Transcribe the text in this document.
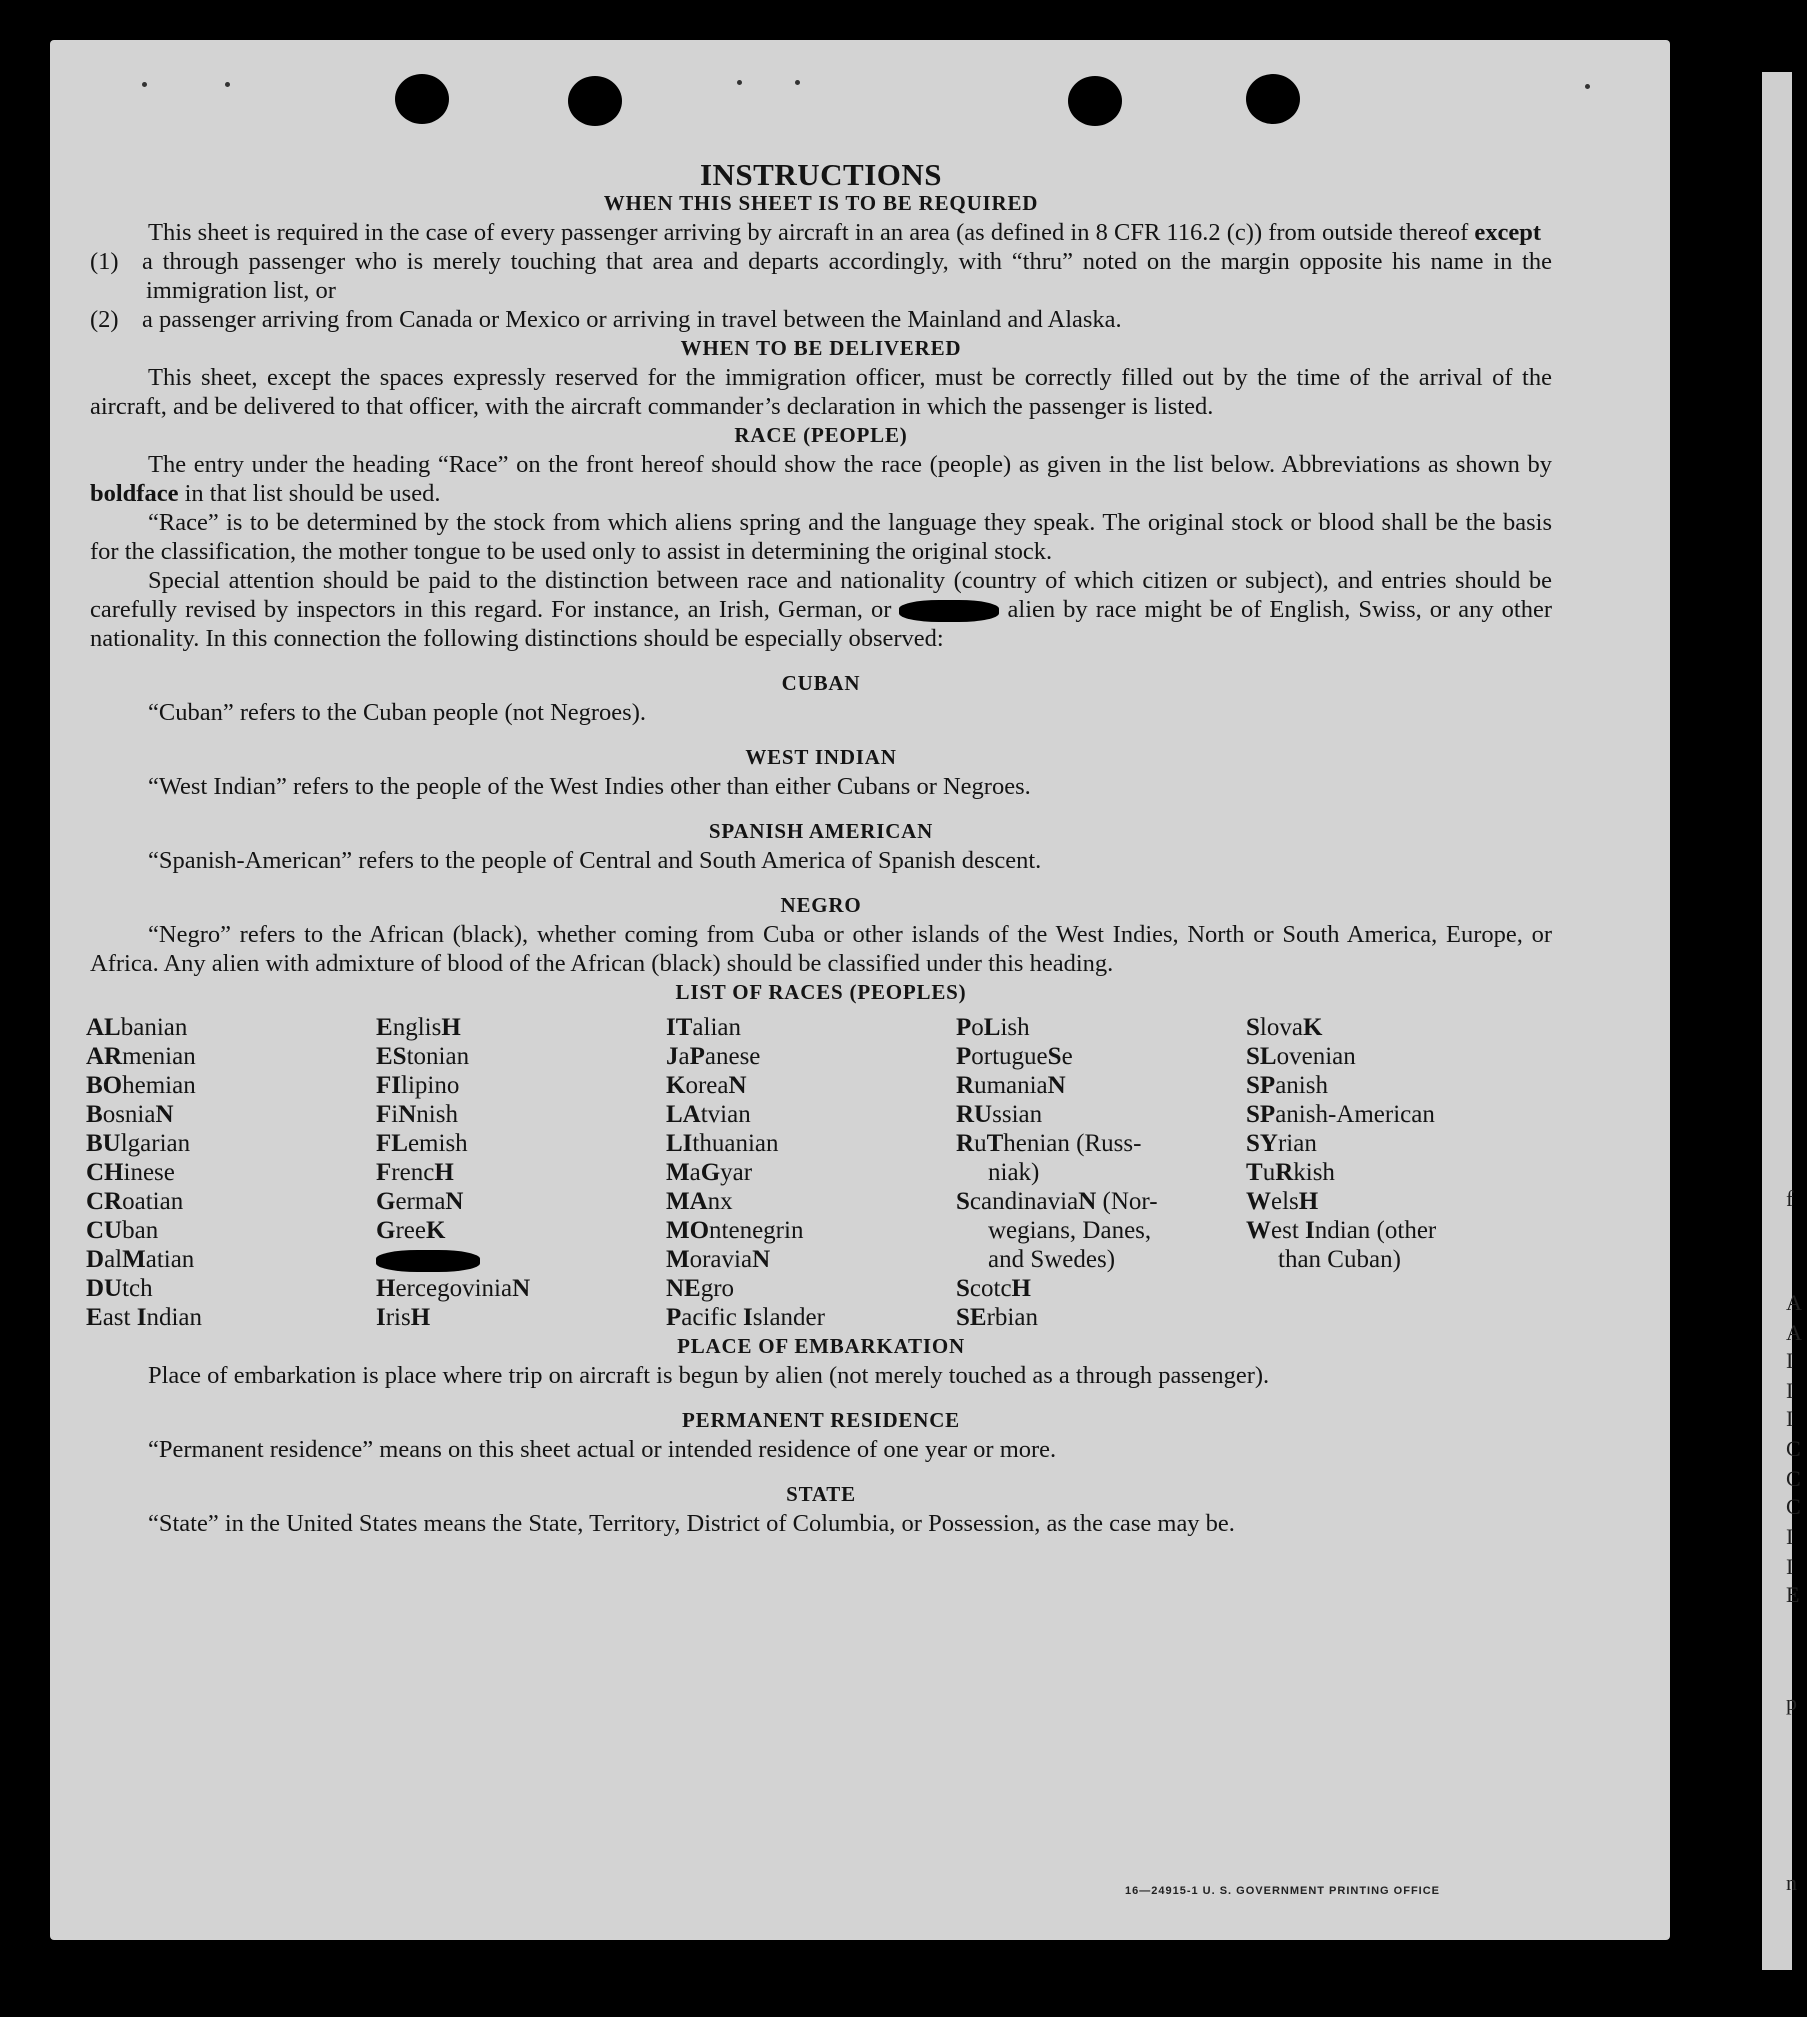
INSTRUCTIONS

WHEN THIS SHEET IS TO BE REQUIRED

This sheet is required in the case of every passenger arriving by aircraft in an area (as defined in 8 CFR 116.2 (c)) from outside thereof except

(1) a through passenger who is merely touching that area and departs accordingly, with “thru” noted on the margin opposite his name in the immigration list, or

(2) a passenger arriving from Canada or Mexico or arriving in travel between the Mainland and Alaska.

WHEN TO BE DELIVERED

This sheet, except the spaces expressly reserved for the immigration officer, must be correctly filled out by the time of the arrival of the aircraft, and be delivered to that officer, with the aircraft commander’s declaration in which the passenger is listed.

RACE (PEOPLE)

The entry under the heading “Race” on the front hereof should show the race (people) as given in the list below. Abbreviations as shown by boldface in that list should be used.

“Race” is to be determined by the stock from which aliens spring and the language they speak. The original stock or blood shall be the basis for the classification, the mother tongue to be used only to assist in determining the original stock.

Special attention should be paid to the distinction between race and nationality (country of which citizen or subject), and entries should be carefully revised by inspectors in this regard. For instance, an Irish, German, or	alien by race might be of English, Swiss, or any other nationality. In this connection the following distinctions should be especially observed:

CUBAN

“Cuban” refers to the Cuban people (not Negroes).

WEST INDIAN

“West Indian” refers to the people of the West Indies other than either Cubans or Negroes.

SPANISH AMERICAN

“Spanish-American” refers to the people of Central and South America of Spanish descent.

NEGRO

“Negro” refers to the African (black), whether coming from Cuba or other islands of the West Indies, North or South America, Europe, or Africa. Any alien with admixture of blood of the African (black) should be classified under this heading.

LIST OF RACES (PEOPLES)

ALbanian
ARmenian
BOhemian
BosniaN
BUlgarian
CHinese
CRoatian
CUban
DalMatian
DUtch
East Indian
EnglisH
EStonian
FIlipino
FiNnish
FLemish
FrencH
GermaN
GreeK
HercegoviniaN
IrisH
ITalian
JaPanese
KoreaN
LAtvian
LIthuanian
MaGyar
MAnx
MOntenegrin
MoraviaN
NEgro
Pacific Islander
PoLish
PortugueSe
RumaniaN
RUssian
RuThenian (Russ-
niak)
ScandinaviaN (Nor-
wegians, Danes,
and Swedes)
ScotcH
SErbian
SlovaK
SLovenian
SPanish
SPanish-American
SYrian
TuRkish
WelsH
West Indian (other
than Cuban)

PLACE OF EMBARKATION

Place of embarkation is place where trip on aircraft is begun by alien (not merely touched as a through passenger).

PERMANENT RESIDENCE

“Permanent residence” means on this sheet actual or intended residence of one year or more.

STATE

“State” in the United States means the State, Territory, District of Columbia, or Possession, as the case may be.

16—24915-1 U. S. GOVERNMENT PRINTING OFFICE
f
A
A
I
I
I
C
C
C
I
I
E
p
n
